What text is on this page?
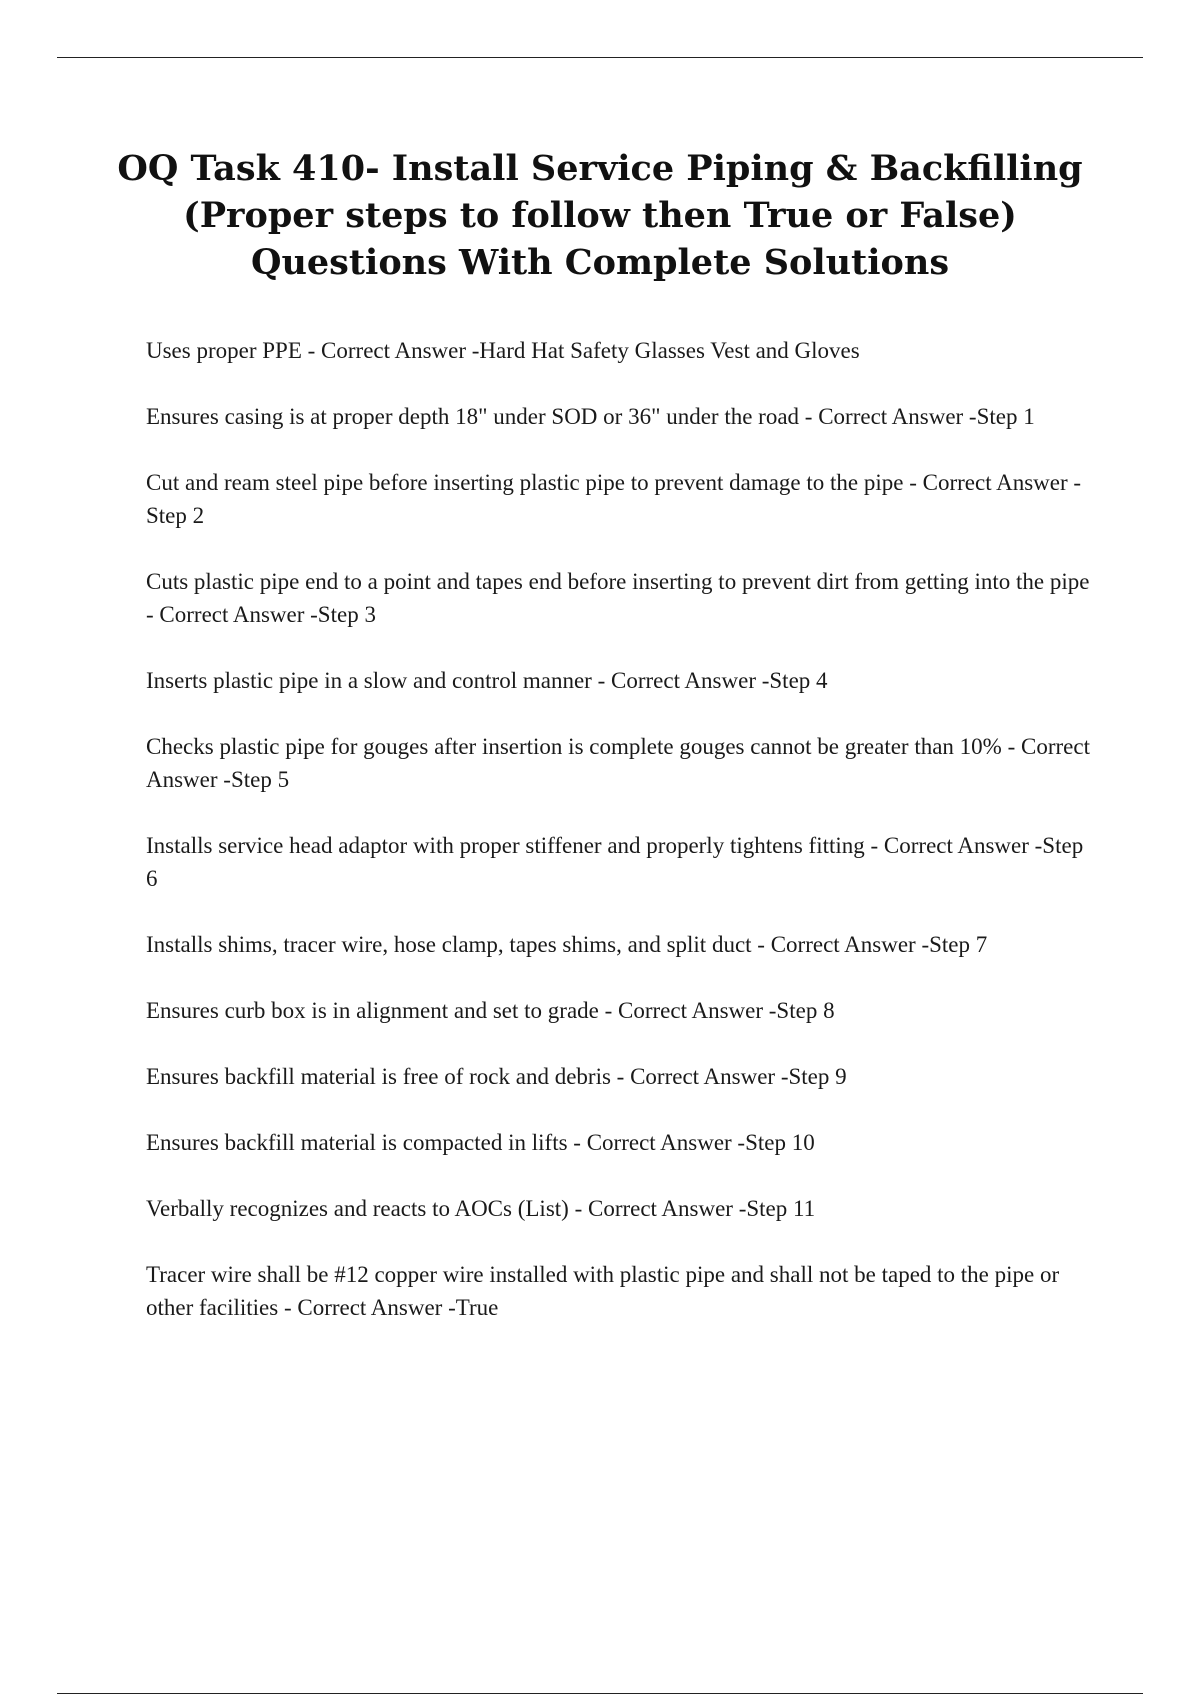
OQ Task 410- Install Service Piping & Backfilling (Proper steps to follow then True or False) Questions With Complete Solutions
Uses proper PPE - Correct Answer -Hard Hat Safety Glasses Vest and Gloves
Ensures casing is at proper depth 18" under SOD or 36" under the road - Correct Answer -Step 1
Cut and ream steel pipe before inserting plastic pipe to prevent damage to the pipe - Correct Answer -Step 2
Cuts plastic pipe end to a point and tapes end before inserting to prevent dirt from getting into the pipe - Correct Answer -Step 3
Inserts plastic pipe in a slow and control manner - Correct Answer -Step 4
Checks plastic pipe for gouges after insertion is complete gouges cannot be greater than 10% - Correct Answer -Step 5
Installs service head adaptor with proper stiffener and properly tightens fitting - Correct Answer -Step 6
Installs shims, tracer wire, hose clamp, tapes shims, and split duct - Correct Answer -Step 7
Ensures curb box is in alignment and set to grade - Correct Answer -Step 8
Ensures backfill material is free of rock and debris - Correct Answer -Step 9
Ensures backfill material is compacted in lifts - Correct Answer -Step 10
Verbally recognizes and reacts to AOCs (List) - Correct Answer -Step 11
Tracer wire shall be #12 copper wire installed with plastic pipe and shall not be taped to the pipe or other facilities - Correct Answer -True
